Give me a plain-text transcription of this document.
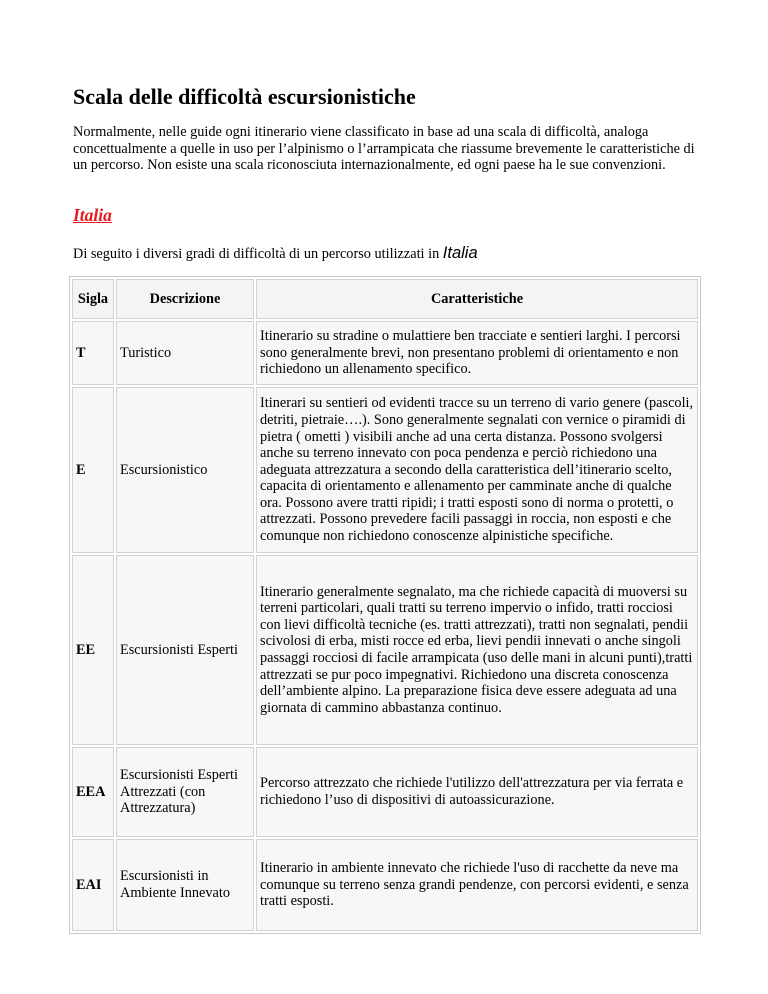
Scala delle difficoltà escursionistiche

Normalmente, nelle guide ogni itinerario viene classificato in base ad una scala di difficoltà, analoga concettualmente a quelle in uso per l’alpinismo o l’arrampicata che riassume brevemente le caratteristiche di un percorso. Non esiste una scala riconosciuta internazionalmente, ed ogni paese ha le sue convenzioni.

Italia

Di seguito i diversi gradi di difficoltà di un percorso utilizzati in Italia

Sigla	Descrizione	Caratteristiche
T	Turistico	Itinerario su stradine o mulattiere ben tracciate e sentieri larghi. I percorsi sono generalmente brevi, non presentano problemi di orientamento e non richiedono un allenamento specifico.
E	Escursionistico	Itinerari su sentieri od evidenti tracce su un terreno di vario genere (pascoli, detriti, pietraie….). Sono generalmente segnalati con vernice o piramidi di pietra ( ometti ) visibili anche ad una certa distanza. Possono svolgersi anche su terreno innevato con poca pendenza e perciò richiedono una adeguata attrezzatura a secondo della caratteristica dell’itinerario scelto, capacita di orientamento e allenamento per camminate anche di qualche ora. Possono avere tratti ripidi; i tratti esposti sono di norma o protetti, o attrezzati. Possono prevedere facili passaggi in roccia, non esposti e che comunque non richiedono conoscenze alpinistiche specifiche.
EE	Escursionisti Esperti	Itinerario generalmente segnalato, ma che richiede capacità di muoversi su terreni particolari, quali tratti su terreno impervio o infido, tratti rocciosi con lievi difficoltà tecniche (es. tratti attrezzati), tratti non segnalati, pendii scivolosi di erba, misti rocce ed erba, lievi pendii innevati o anche singoli passaggi rocciosi di facile arrampicata (uso delle mani in alcuni punti),tratti attrezzati se pur poco impegnativi. Richiedono una discreta conoscenza dell’ambiente alpino. La preparazione fisica deve essere adeguata ad una giornata di cammino abbastanza continuo.
EEA	Escursionisti Esperti Attrezzati (con Attrezzatura)	Percorso attrezzato che richiede l'utilizzo dell'attrezzatura per via ferrata e richiedono l’uso di dispositivi di autoassicurazione.
EAI	Escursionisti in Ambiente Innevato	Itinerario in ambiente innevato che richiede l'uso di racchette da neve ma comunque su terreno senza grandi pendenze, con percorsi evidenti, e senza tratti esposti.
